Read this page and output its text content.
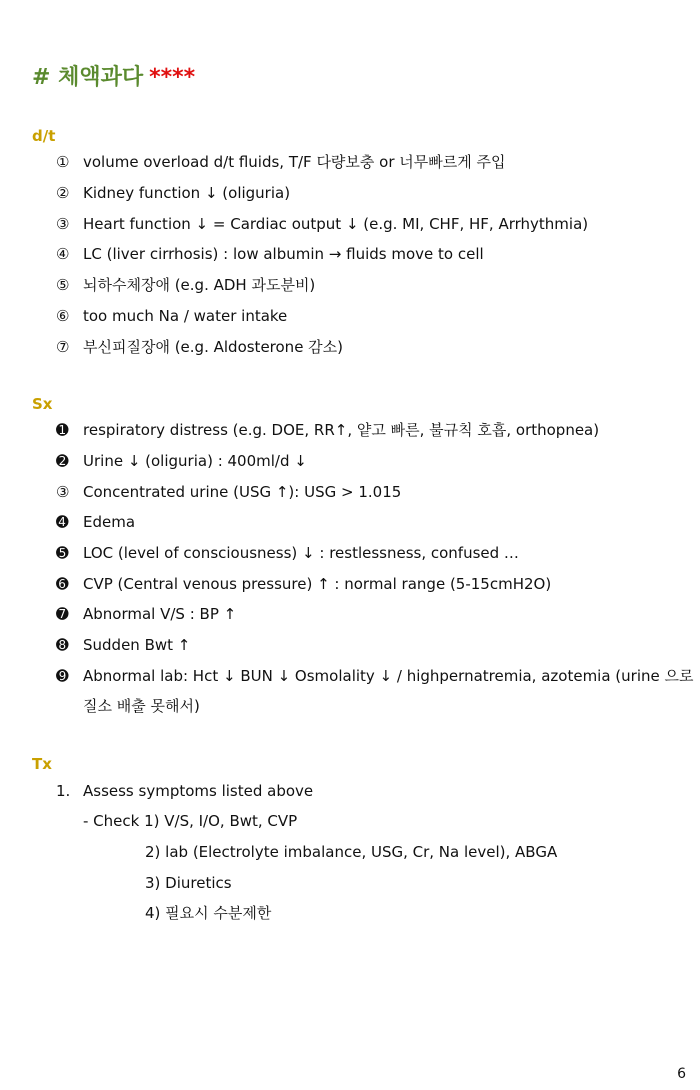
# 체액과다 ****
d/t
① volume overload d/t fluids, T/F 다량보충 or 너무빠르게 주입
② Kidney function ↓ (oliguria)
③ Heart function ↓ = Cardiac output ↓ (e.g. MI, CHF, HF, Arrhythmia)
④ LC (liver cirrhosis) : low albumin → fluids move to cell
⑤ 뇌하수체장애 (e.g. ADH 과도분비)
⑥ too much Na / water intake
⑦ 부신피질장애 (e.g. Aldosterone 감소)
Sx
➊ respiratory distress (e.g. DOE, RR↑, 얕고 빠른, 불규칙 호흡, orthopnea)
➋ Urine ↓ (oliguria) : 400ml/d ↓
③ Concentrated urine (USG ↑): USG > 1.015
➍ Edema
➎ LOC (level of consciousness) ↓ : restlessness, confused …
➏ CVP (Central venous pressure) ↑ : normal range (5-15cmH2O)
➐ Abnormal V/S : BP ↑
➑ Sudden Bwt ↑
➒ Abnormal lab: Hct ↓ BUN ↓ Osmolality ↓ / highpernatremia, azotemia (urine 으로
질소 배출 못해서)
Tx
1. Assess symptoms listed above
- Check 1) V/S, I/O, Bwt, CVP
2) lab (Electrolyte imbalance, USG, Cr, Na level), ABGA
3) Diuretics
4) 필요시 수분제한
6
